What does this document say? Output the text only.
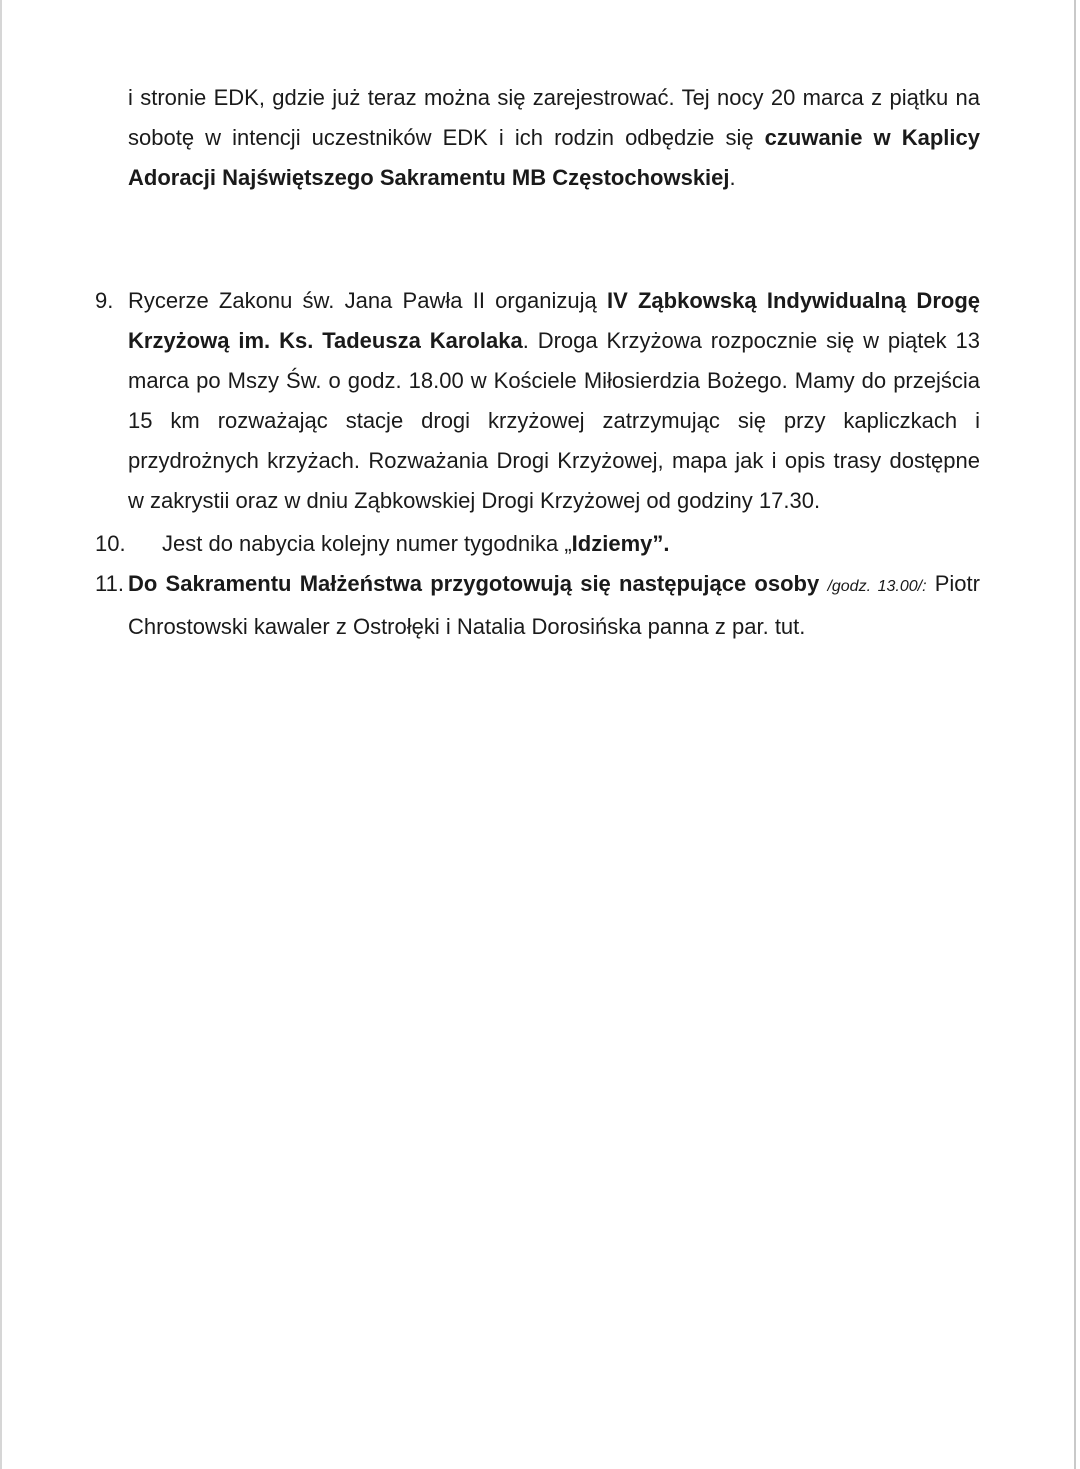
i stronie EDK, gdzie już teraz można się zarejestrować. Tej nocy 20 marca z piątku na sobotę w intencji uczestników EDK i ich rodzin odbędzie się czuwanie w Kaplicy Adoracji Najświętszego Sakramentu MB Częstochowskiej.

9. Rycerze Zakonu św. Jana Pawła II organizują IV Ząbkowską Indywidualną Drogę Krzyżową im. Ks. Tadeusza Karolaka. Droga Krzyżowa rozpocznie się w piątek 13 marca po Mszy Św. o godz. 18.00 w Kościele Miłosierdzia Bożego. Mamy do przejścia 15 km rozważając stacje drogi krzyżowej zatrzymując się przy kapliczkach i przydrożnych krzyżach. Rozważania Drogi Krzyżowej, mapa jak i opis trasy dostępne w zakrystii oraz w dniu Ząbkowskiej Drogi Krzyżowej od godziny 17.30.

10.	Jest do nabycia kolejny numer tygodnika „Idziemy”.

11. Do Sakramentu Małżeństwa przygotowują się następujące osoby /godz. 13.00/: Piotr Chrostowski kawaler z Ostrołęki i Natalia Dorosińska panna z par. tut.
